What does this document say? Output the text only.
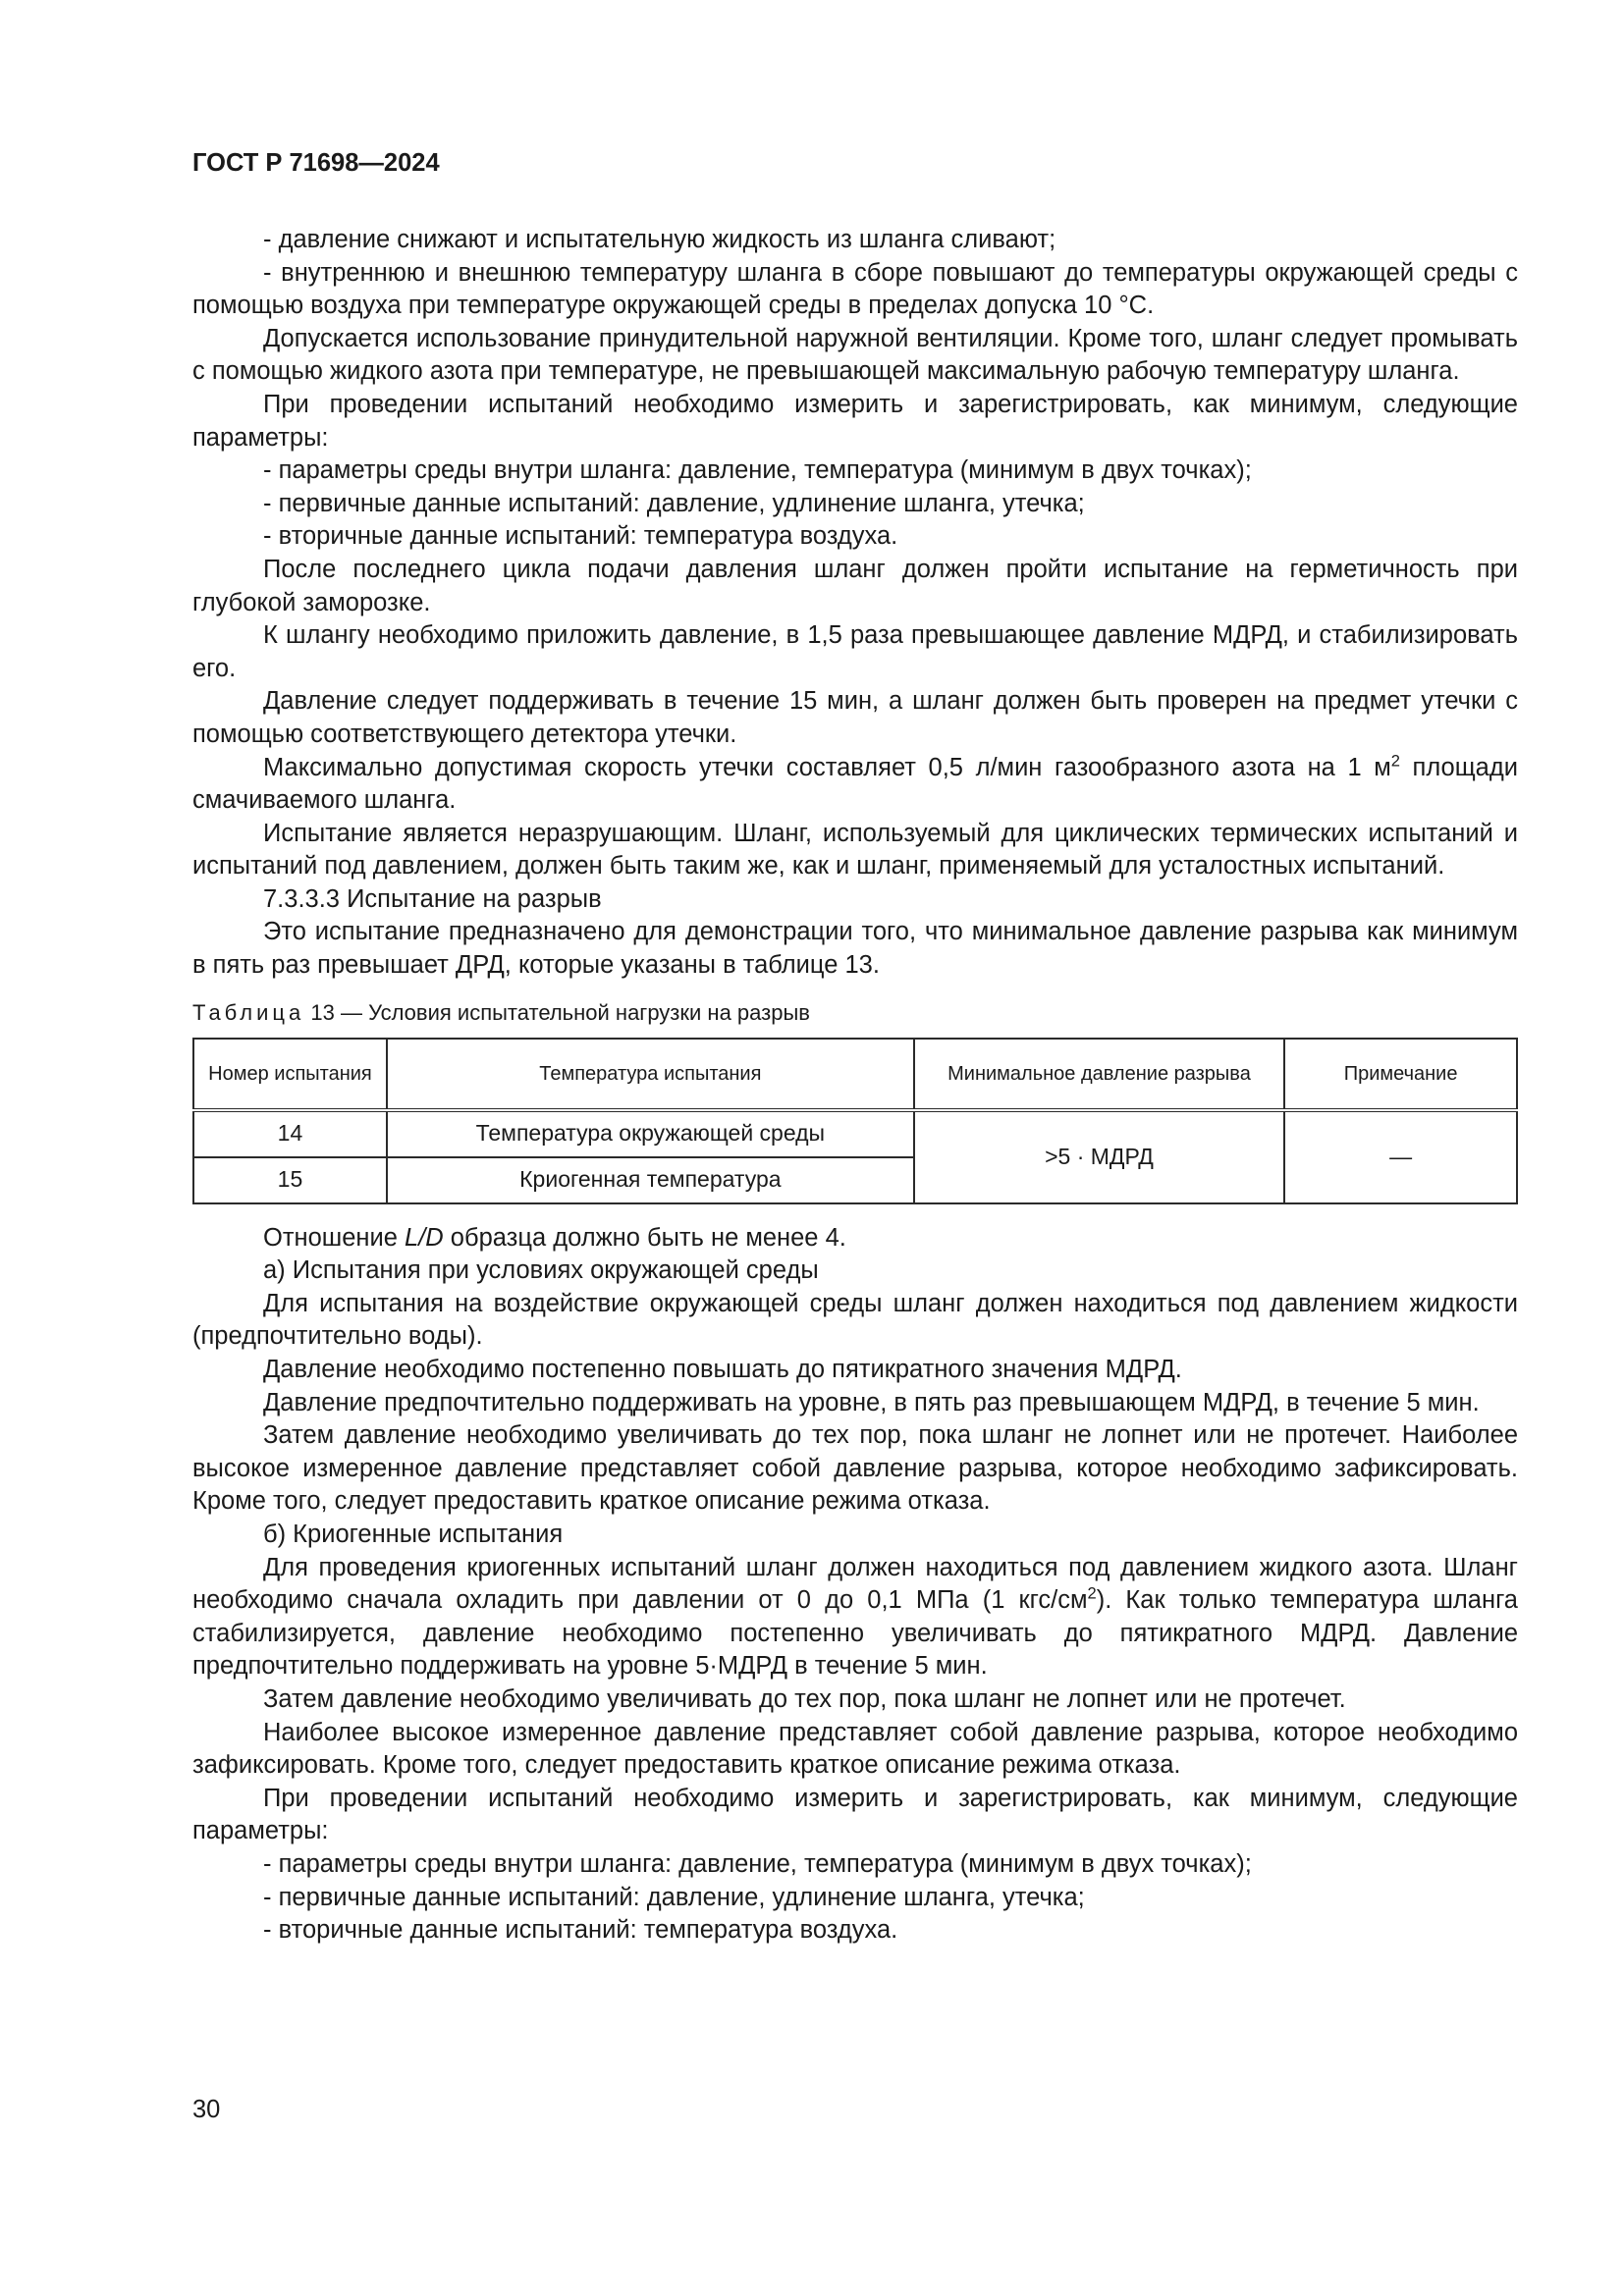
ГОСТ Р 71698—2024

- давление снижают и испытательную жидкость из шланга сливают;

- внутреннюю и внешнюю температуру шланга в сборе повышают до температуры окружающей среды с помощью воздуха при температуре окружающей среды в пределах допуска 10 °С.

Допускается использование принудительной наружной вентиляции. Кроме того, шланг следует промывать с помощью жидкого азота при температуре, не превышающей максимальную рабочую температуру шланга.

При проведении испытаний необходимо измерить и зарегистрировать, как минимум, следующие параметры:

- параметры среды внутри шланга: давление, температура (минимум в двух точках);

- первичные данные испытаний: давление, удлинение шланга, утечка;

- вторичные данные испытаний: температура воздуха.

После последнего цикла подачи давления шланг должен пройти испытание на герметичность при глубокой заморозке.

К шлангу необходимо приложить давление, в 1,5 раза превышающее давление МДРД, и стабилизировать его.

Давление следует поддерживать в течение 15 мин, а шланг должен быть проверен на предмет утечки с помощью соответствующего детектора утечки.

Максимально допустимая скорость утечки составляет 0,5 л/мин газообразного азота на 1 $м^2$ площади смачиваемого шланга.

Испытание является неразрушающим. Шланг, используемый для циклических термических испытаний и испытаний под давлением, должен быть таким же, как и шланг, применяемый для усталостных испытаний.

7.3.3.3 Испытание на разрыв

Это испытание предназначено для демонстрации того, что минимальное давление разрыва как минимум в пять раз превышает ДРД, которые указаны в таблице 13.

Таблица 13 — Условия испытательной нагрузки на разрыв
Номер испытания	Температура испытания	Минимальное давление разрыва	Примечание
14	Температура окружающей среды	>5 · МДРД	—
15	Криогенная температура		

Отношение L/D образца должно быть не менее 4.

а) Испытания при условиях окружающей среды

Для испытания на воздействие окружающей среды шланг должен находиться под давлением жидкости (предпочтительно воды).

Давление необходимо постепенно повышать до пятикратного значения МДРД.

Давление предпочтительно поддерживать на уровне, в пять раз превышающем МДРД, в течение 5 мин.

Затем давление необходимо увеличивать до тех пор, пока шланг не лопнет или не протечет. Наиболее высокое измеренное давление представляет собой давление разрыва, которое необходимо зафиксировать. Кроме того, следует предоставить краткое описание режима отказа.

б) Криогенные испытания

Для проведения криогенных испытаний шланг должен находиться под давлением жидкого азота. Шланг необходимо сначала охладить при давлении от 0 до 0,1 МПа (1 кгс/$см^2$). Как только температура шланга стабилизируется, давление необходимо постепенно увеличивать до пятикратного МДРД. Давление предпочтительно поддерживать на уровне 5·МДРД в течение 5 мин.

Затем давление необходимо увеличивать до тех пор, пока шланг не лопнет или не протечет.

Наиболее высокое измеренное давление представляет собой давление разрыва, которое необходимо зафиксировать. Кроме того, следует предоставить краткое описание режима отказа.

При проведении испытаний необходимо измерить и зарегистрировать, как минимум, следующие параметры:

- параметры среды внутри шланга: давление, температура (минимум в двух точках);

- первичные данные испытаний: давление, удлинение шланга, утечка;

- вторичные данные испытаний: температура воздуха.

30
